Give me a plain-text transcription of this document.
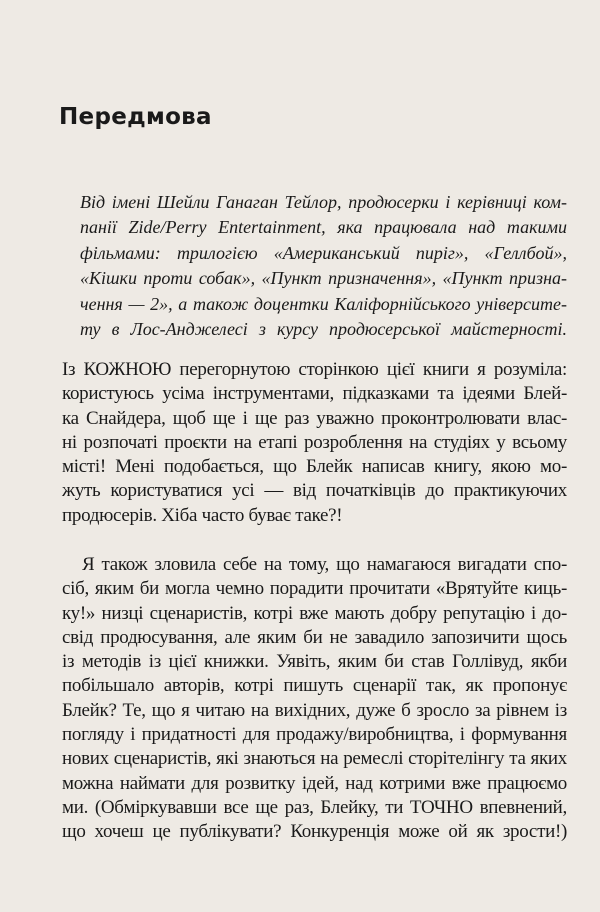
Передмова
Від імені Шейли Ганаган Тейлор, продюсерки і керівниці ком-
панії Zide/Perry Entertainment, яка працювала над такими
фільмами: трилогією «Американський пиріг», «Геллбой»,
«Кішки проти собак», «Пункт призначення», «Пункт призна-
чення — 2», а також доцентки Каліфорнійського університе-
ту в Лос-Анджелесі з курсу продюсерської майстерності.
Із КОЖНОЮ перегорнутою сторінкою цієї книги я розуміла:
користуюсь усіма інструментами, підказками та ідеями Блей-
ка Снайдера, щоб ще і ще раз уважно проконтролювати влас-
ні розпочаті проєкти на етапі розроблення на студіях у всьому
місті! Мені подобається, що Блейк написав книгу, якою мо-
жуть користуватися усі — від початківців до практикуючих
продюсерів. Хіба часто буває таке?!
Я також зловила себе на тому, що намагаюся вигадати спо-
сіб, яким би могла чемно порадити прочитати «Врятуйте киць-
ку!» низці сценаристів, котрі вже мають добру репутацію і до-
свід продюсування, але яким би не завадило запозичити щось
із методів із цієї книжки. Уявіть, яким би став Голлівуд, якби
побільшало авторів, котрі пишуть сценарії так, як пропонує
Блейк? Те, що я читаю на вихідних, дуже б зросло за рівнем із
погляду і придатності для продажу/виробництва, і формування
нових сценаристів, які знаються на ремеслі сторітелінгу та яких
можна наймати для розвитку ідей, над котрими вже працюємо
ми. (Обміркувавши все ще раз, Блейку, ти ТОЧНО впевнений,
що хочеш це публікувати? Конкуренція може ой як зрости!)
